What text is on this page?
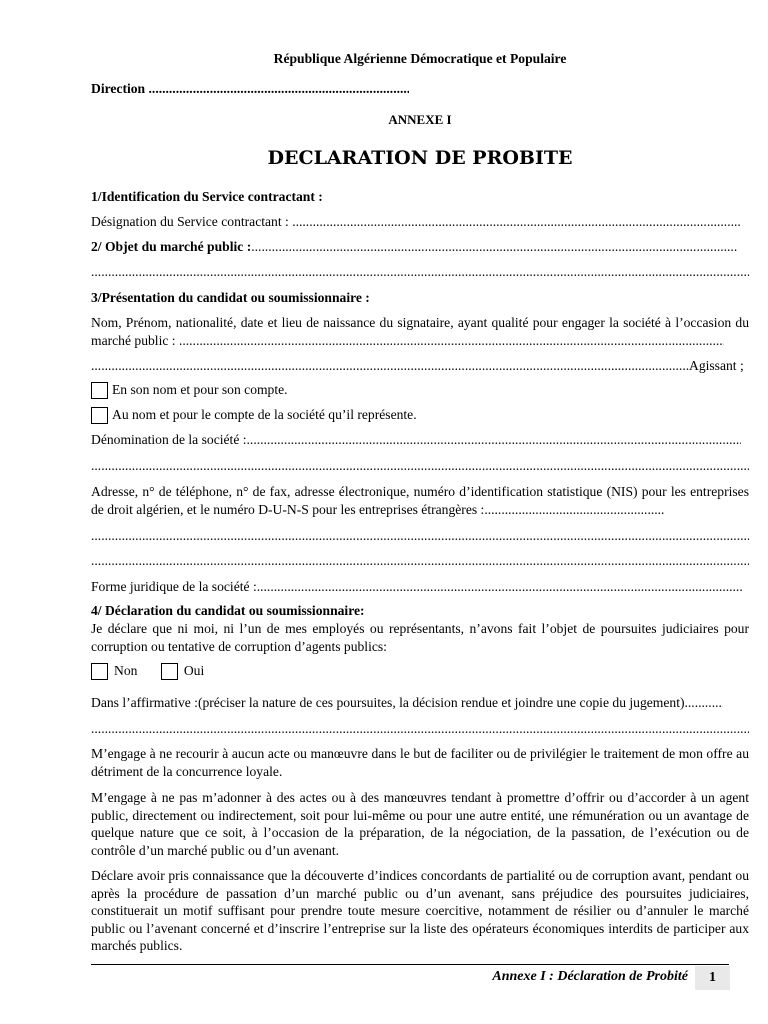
République Algérienne Démocratique et Populaire
Direction .....
ANNEXE I
DECLARATION DE PROBITE
1/Identification du Service contractant :
Désignation du Service contractant : .....
2/ Objet du marché public :.....
.....
3/Présentation du candidat ou soumissionnaire :
Nom, Prénom, nationalité, date et lieu de naissance du signataire, ayant qualité pour engager la société à l’occasion du marché public : .....
.....Agissant ;
En son nom et pour son compte.
Au nom et pour le compte de la société qu’il représente.
Dénomination de la société :.....
.....
Adresse, n° de téléphone, n° de fax, adresse électronique, numéro d’identification statistique (NIS) pour les entreprises de droit algérien, et le numéro D-U-N-S pour les entreprises étrangères :.....
.....
.....
Forme juridique de la société :.....
4/ Déclaration du candidat ou soumissionnaire:
Je déclare que ni moi, ni l’un de mes employés ou représentants, n’avons fait l’objet de poursuites judiciaires pour corruption ou tentative de corruption d’agents publics:
Non	Oui
Dans l’affirmative :(préciser la nature de ces poursuites, la décision rendue et joindre une copie du jugement).....
.....
M’engage à ne recourir à aucun acte ou manœuvre dans le but de faciliter ou de privilégier le traitement de mon offre au détriment de la concurrence loyale.
M’engage à ne pas m’adonner à des actes ou à des manœuvres tendant à promettre d’offrir ou d’accorder à un agent public, directement ou indirectement, soit pour lui-même ou pour une autre entité, une rémunération ou un avantage de quelque nature que ce soit, à l’occasion de la préparation, de la négociation, de la passation, de l’exécution ou de contrôle d’un marché public ou d’un avenant.
Déclare avoir pris connaissance que la découverte d’indices concordants de partialité ou de corruption avant, pendant ou après la procédure de passation d’un marché public ou d’un avenant, sans préjudice des poursuites judiciaires, constituerait un motif suffisant pour prendre toute mesure coercitive, notamment de résilier ou d’annuler le marché public ou l’avenant concerné et d’inscrire l’entreprise sur la liste des opérateurs économiques interdits de participer aux marchés publics.
Annexe I : Déclaration de Probité	1
